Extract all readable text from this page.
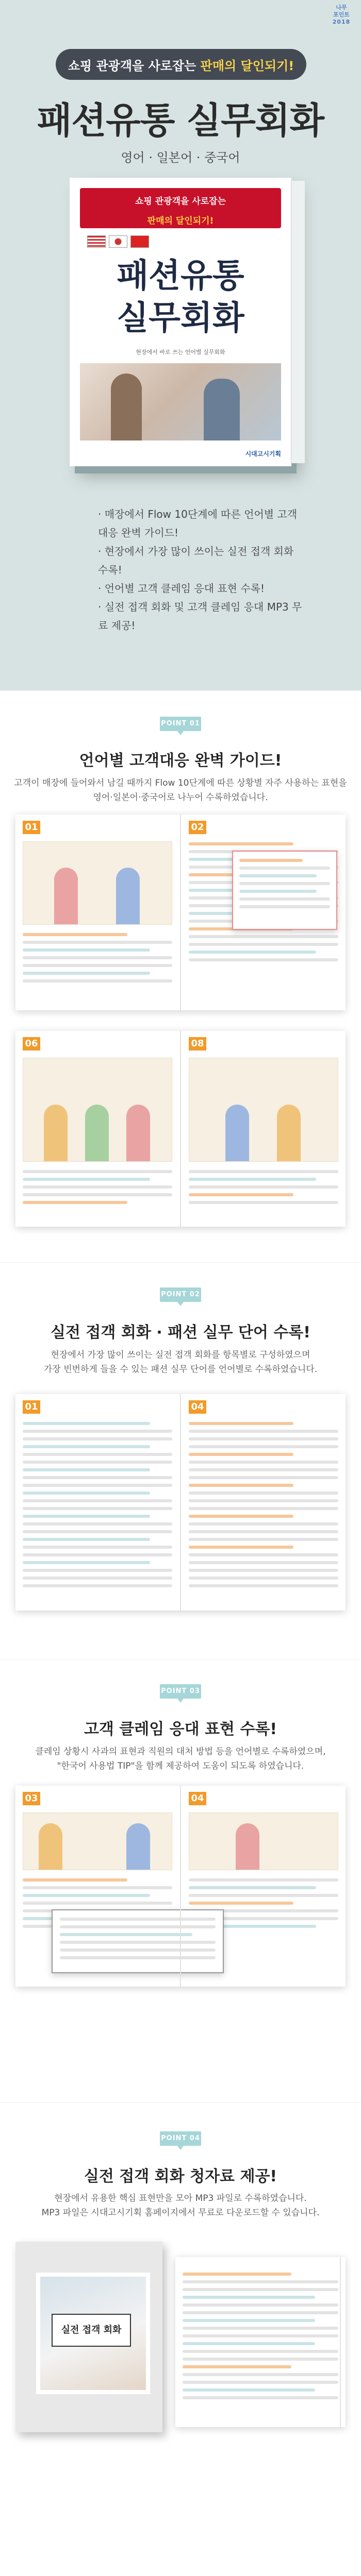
나무
포인트
2018
쇼핑 관광객을 사로잡는 판매의 달인되기!
패션유통 실무회화
영어 · 일본어 · 중국어
쇼핑 관광객을 사로잡는
판매의 달인되기!
패션유통
실무회화
현장에서 바로 쓰는 언어별 실무회화
시대고시기획
· 매장에서 Flow 10단계에 따른 언어별 고객대응 완벽 가이드!
· 현장에서 가장 많이 쓰이는 실전 접객 회화 수록!
· 언어별 고객 클레임 응대 표현 수록!
· 실전 접객 회화 및 고객 클레임 응대 MP3 무료 제공!
POINT 01
언어별 고객대응 완벽 가이드!
고객이 매장에 들어와서 남길 때까지 Flow 10단계에 따른 상황별 자주 사용하는 표현을
영어·일본어·중국어로 나누어 수록하였습니다.
01	02
06	08
POINT 02
실전 접객 회화 · 패션 실무 단어 수록!
현장에서 가장 많이 쓰이는 실전 접객 회화를 항목별로 구성하였으며
가장 빈번하게 들을 수 있는 패션 실무 단어를 언어별로 수록하였습니다.
01	04
POINT 03
고객 클레임 응대 표현 수록!
클레임 상황시 사과의 표현과 직원의 대처 방법 등을 언어별로 수록하였으며,
"한국어 사용법 TIP"을 함께 제공하여 도움이 되도록 하였습니다.
03	04
POINT 04
실전 접객 회화 청자료 제공!
현장에서 유용한 핵심 표현만을 모아 MP3 파일로 수록하였습니다.
MP3 파일은 시대고시기획 홈페이지에서 무료로 다운로드할 수 있습니다.
실전 접객 회화
